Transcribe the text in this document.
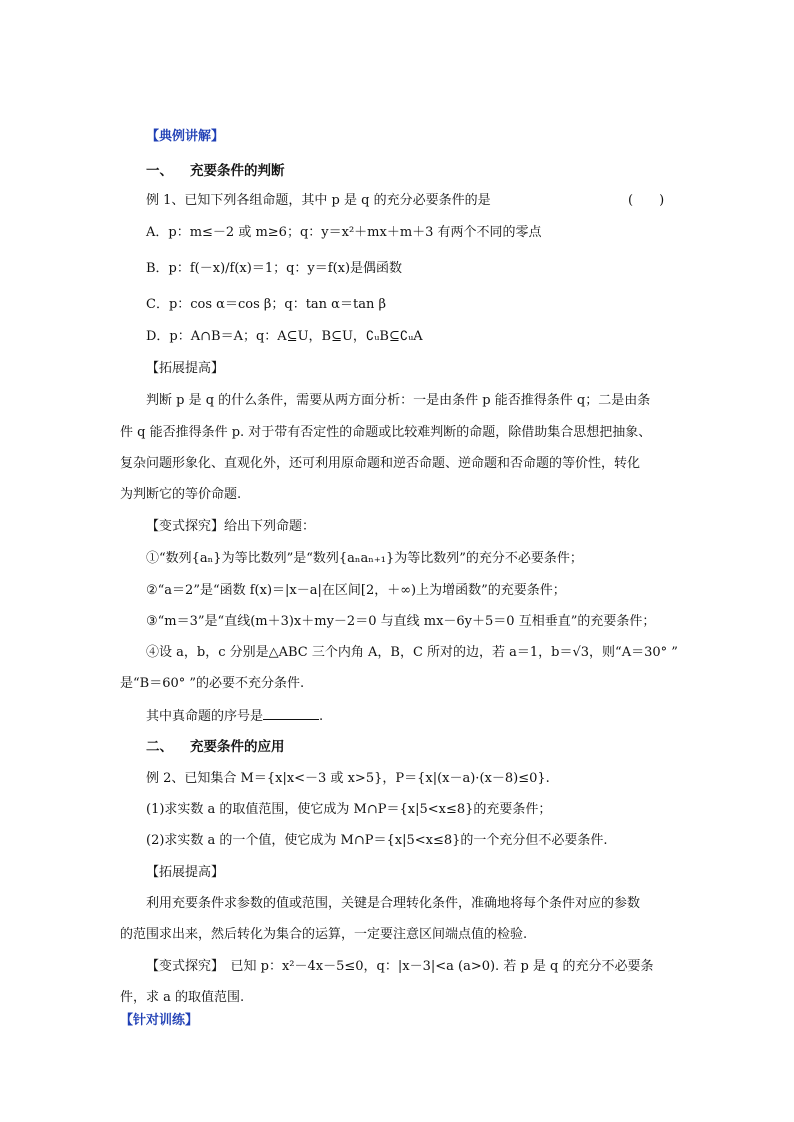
【典例讲解】
一、 充要条件的判断
例 1、已知下列各组命题，其中 p 是 q 的充分必要条件的是	(　　)
A．p：m≤－2 或 m≥6；q：y＝x²＋mx＋m＋3 有两个不同的零点
B．p：f(－x)/f(x)＝1；q：y＝f(x)是偶函数
C．p：cos α＝cos β；q：tan α＝tan β
D．p：A∩B＝A；q：A⊆U，B⊆U，∁ᵤB⊆∁ᵤA
【拓展提高】
判断 p 是 q 的什么条件，需要从两方面分析：一是由条件 p 能否推得条件 q；二是由条
件 q 能否推得条件 p. 对于带有否定性的命题或比较难判断的命题，除借助集合思想把抽象、
复杂问题形象化、直观化外，还可利用原命题和逆否命题、逆命题和否命题的等价性，转化
为判断它的等价命题.
【变式探究】给出下列命题：
①“数列{aₙ}为等比数列”是“数列{aₙaₙ₊₁}为等比数列”的充分不必要条件；
②“a＝2”是“函数 f(x)＝|x－a|在区间[2，＋∞)上为增函数”的充要条件；
③“m＝3”是“直线(m＋3)x＋my－2＝0 与直线 mx－6y＋5＝0 互相垂直”的充要条件；
④设 a，b，c 分别是△ABC 三个内角 A，B，C 所对的边，若 a＝1，b＝√3，则“A＝30° ”
是“B＝60° ”的必要不充分条件.
其中真命题的序号是	.
二、 充要条件的应用
例 2、已知集合 M＝{x|x<－3 或 x>5}，P＝{x|(x－a)·(x－8)≤0}.
(1)求实数 a 的取值范围，使它成为 M∩P＝{x|5<x≤8}的充要条件；
(2)求实数 a 的一个值，使它成为 M∩P＝{x|5<x≤8}的一个充分但不必要条件.
【拓展提高】
利用充要条件求参数的值或范围，关键是合理转化条件，准确地将每个条件对应的参数
的范围求出来，然后转化为集合的运算，一定要注意区间端点值的检验.
【变式探究】　已知 p：x²－4x－5≤0，q：|x－3|<a (a>0). 若 p 是 q 的充分不必要条
件，求 a 的取值范围.
【针对训练】
